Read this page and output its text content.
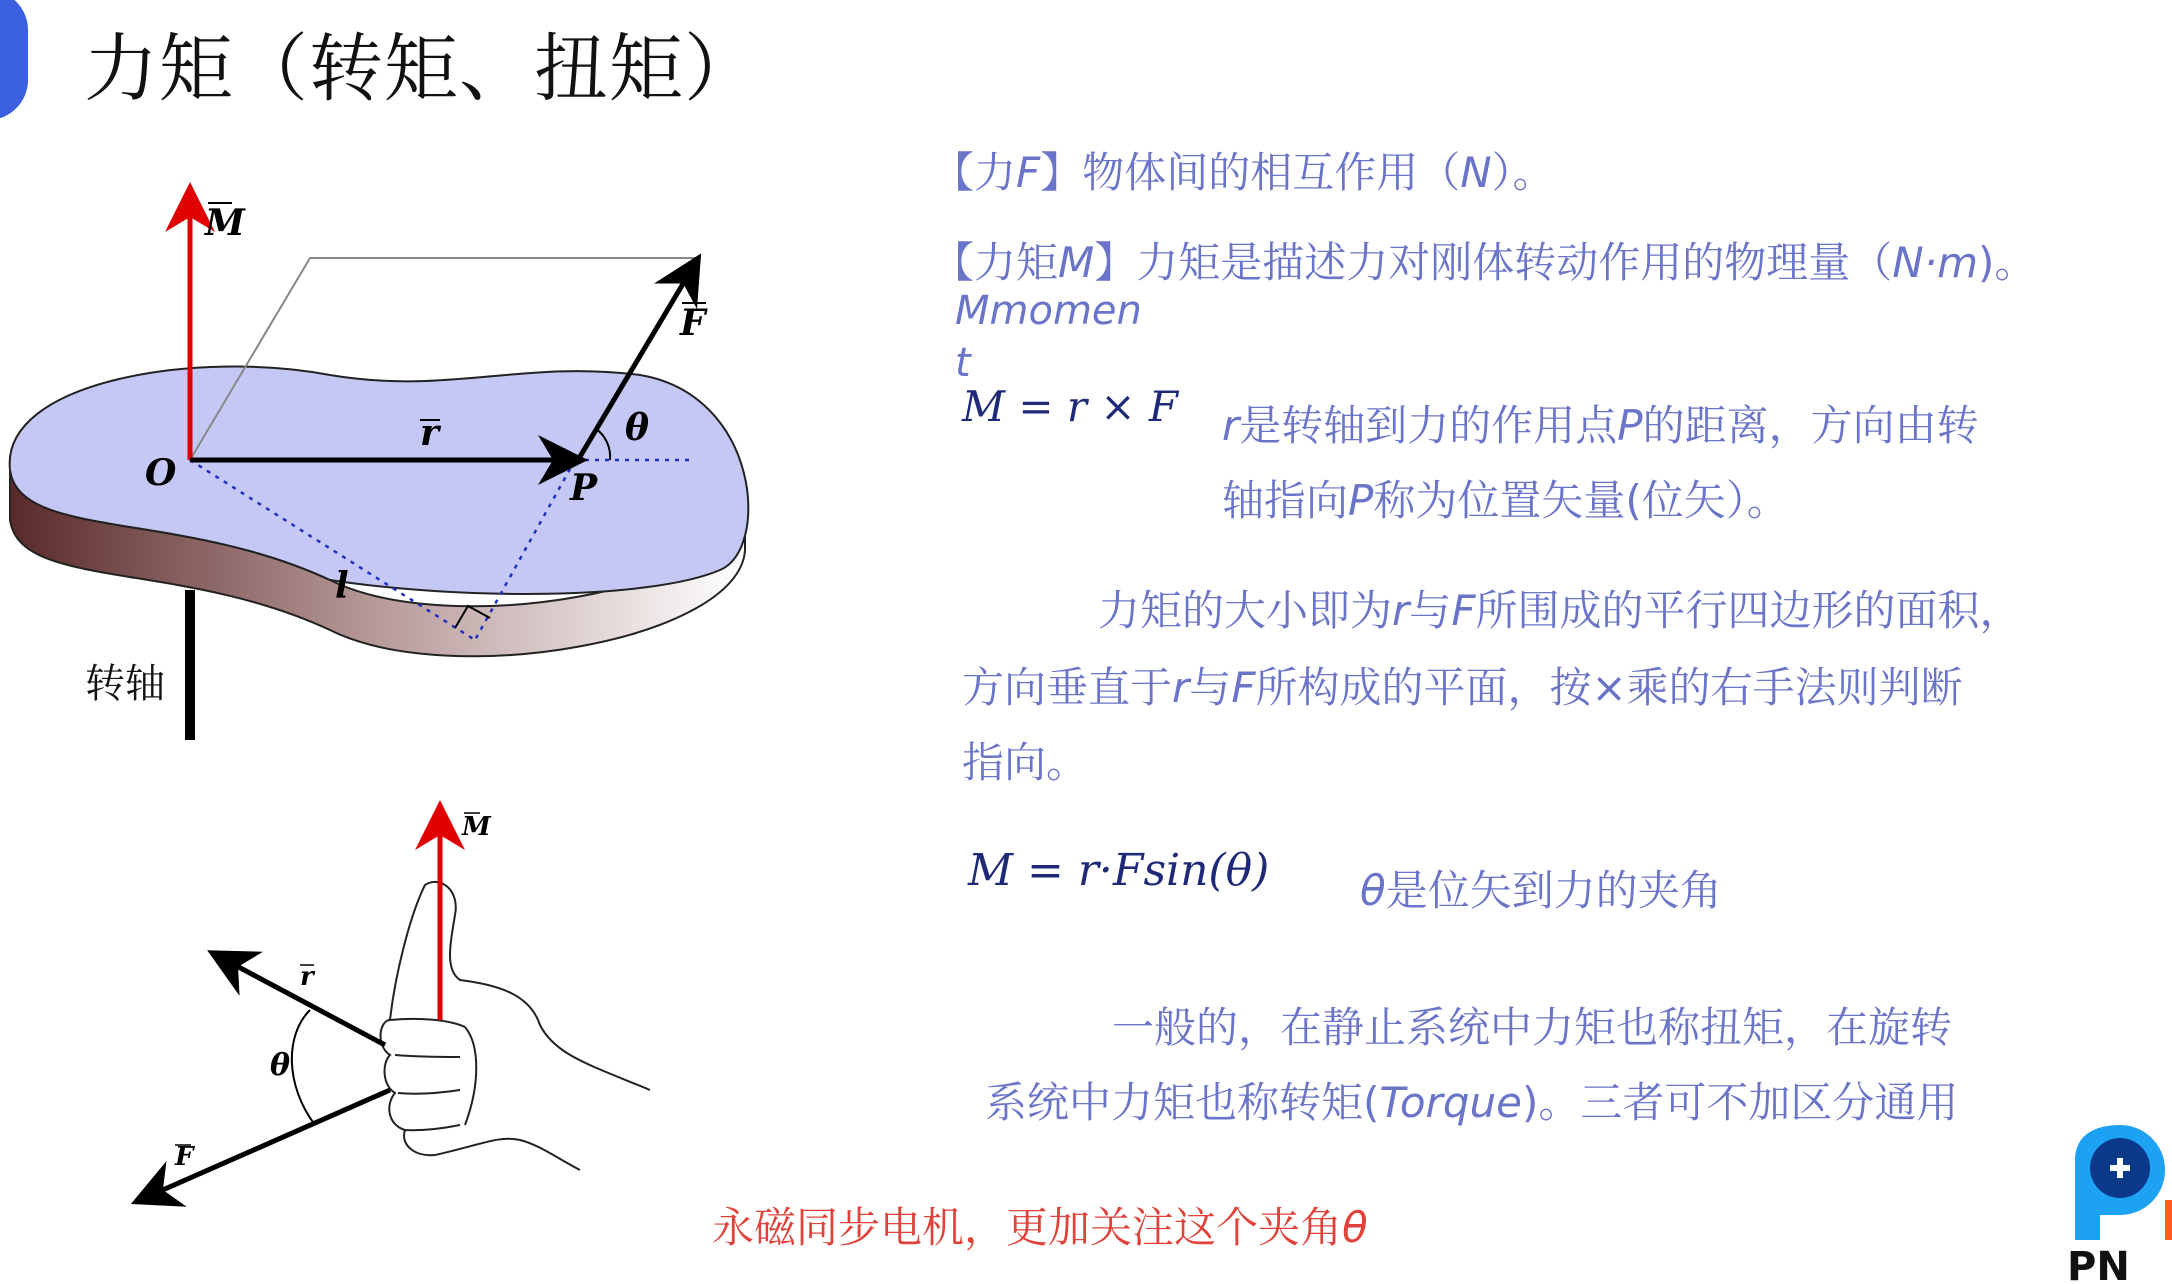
力矩（转矩、扭矩）
M
F
r
O	P
θ
l
转轴
M
r
F
θ
【力F】物体间的相互作用（N）。
【力矩M】力矩是描述力对刚体转动作用的物理量（N·m)。
Mmomen
t
M = r × F r是转轴到力的作用点P的距离，方向由转
轴指向P称为位置矢量(位矢）。
力矩的大小即为r与F所围成的平行四边形的面积，
方向垂直于r与F所构成的平面，按×乘的右手法则判断
指向。
M = r·Fsin(θ) θ是位矢到力的夹角
一般的，在静止系统中力矩也称扭矩，在旋转
系统中力矩也称转矩(Torque)。三者可不加区分通用
永磁同步电机，更加关注这个夹角θ
PN
